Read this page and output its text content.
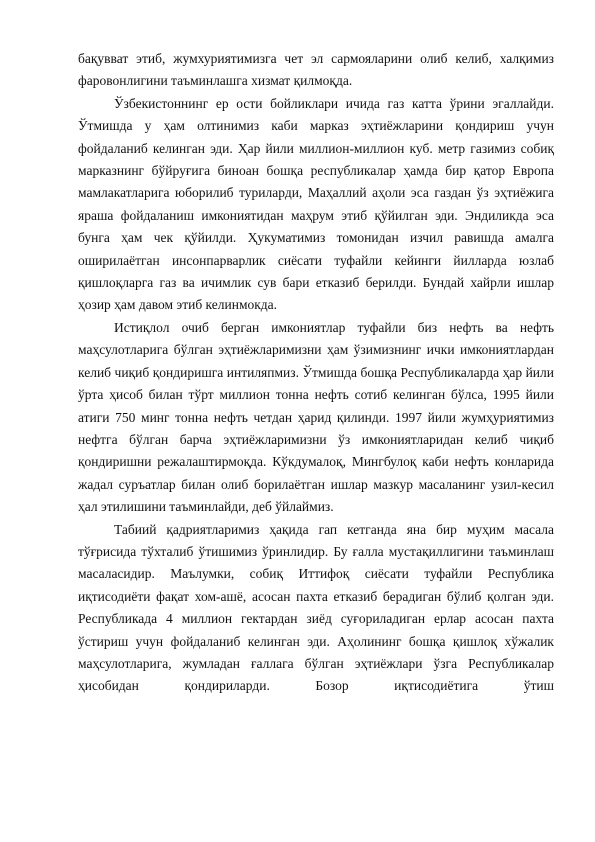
бақувват этиб, жумхуриятимизга чет эл сармояларини олиб келиб, халқимиз фаровонлигини таъминлашга хизмат қилмоқда.

Ўзбекистоннинг ер ости бойликлари ичида газ катта ўрини эгаллайди. Ўтмишда у ҳам олтинимиз каби марказ эҳтиёжларини қондириш учун фойдаланиб келинган эди. Ҳар йили миллион-миллион куб. метр газимиз собиқ марказнинг бўйруғига биноан бошқа республикалар ҳамда бир қатор Европа мамлакатларига юборилиб туриларди, Маҳаллий аҳоли эса газдан ўз эҳтиёжига яраша фойдаланиш имкониятидан маҳрум этиб қўйилган эди. Эндиликда эса бунга ҳам чек қўйилди. Ҳукуматимиз томонидан изчил равишда амалга оширилаётган инсонпарварлик сиёсати туфайли кейинги йилларда юзлаб қишлоқларга газ ва ичимлик сув бари етказиб берилди. Бундай хайрли ишлар ҳозир ҳам давом этиб келинмокда.

Истиқлол очиб берган имкониятлар туфайли биз нефть ва нефть маҳсулотларига бўлган эҳтиёжларимизни ҳам ўзимизнинг ички имкониятлардан келиб чиқиб қондиришга интиляпмиз. Ўтмишда бошқа Республикаларда ҳар йили ўрта ҳисоб билан тўрт миллион тонна нефть сотиб келинган бўлса, 1995 йили атиги 750 минг тонна нефть четдан ҳарид қилинди. 1997 йили жумҳуриятимиз нефтга бўлган барча эҳтиёжларимизни ўз имкониятларидан келиб чиқиб қондиришни режалаштирмоқда. Кўкдумалоқ, Мингбулоқ каби нефть конларида жадал суръатлар билан олиб борилаётган ишлар мазкур масаланинг узил-кесил ҳал этилишини таъминлайди, деб ўйлаймиз.

Табиий қадриятларимиз ҳақида гап кетганда яна бир муҳим масала тўғрисида тўхталиб ўтишимиз ўринлидир. Бу ғалла мустақиллигини таъминлаш масаласидир. Маълумки, собиқ Иттифоқ сиёсати туфайли Республика иқтисодиёти фақат хом-ашё, асосан пахта етказиб берадиган бўлиб қолган эди. Республикада 4 миллион гектардан зиёд суғориладиган ерлар асосан пахта ўстириш учун фойдаланиб келинган эди. Аҳолининг бошқа қишлоқ хўжалик маҳсулотларига, жумладан ғаллага бўлган эҳтиёжлари ўзга Республикалар ҳисобидан қондириларди. Бозор иқтисодиётига ўтиш
